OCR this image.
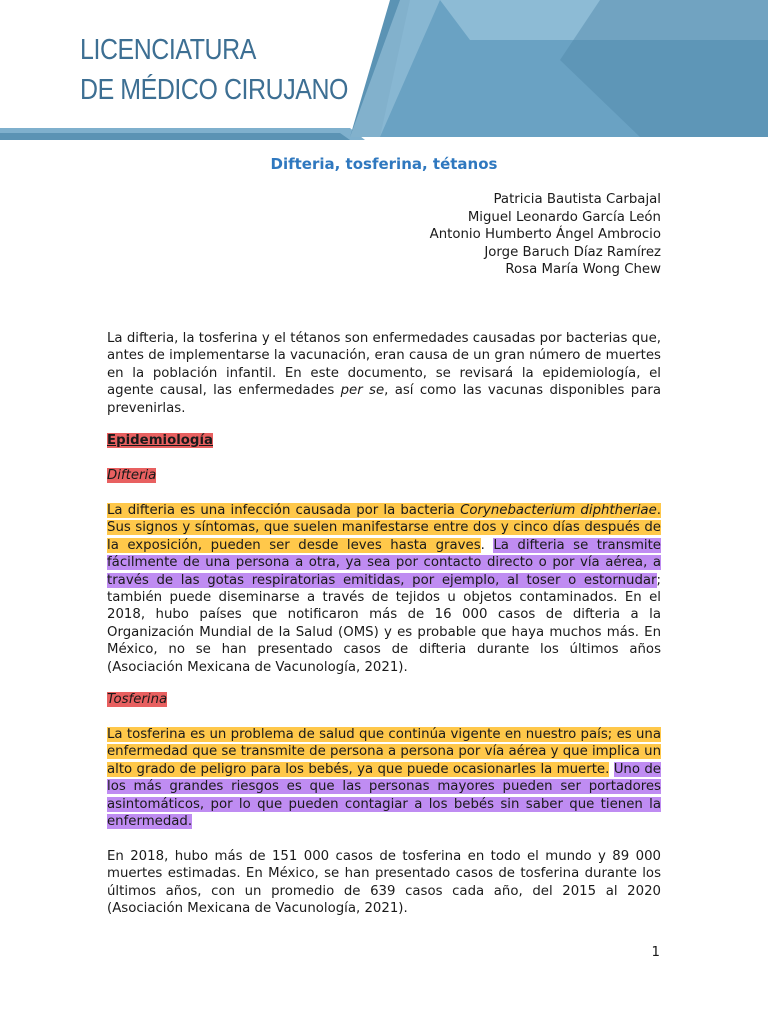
LICENCIATURA
DE MÉDICO CIRUJANO
Difteria, tosferina, tétanos
Patricia Bautista Carbajal
Miguel Leonardo García León
Antonio Humberto Ángel Ambrocio
Jorge Baruch Díaz Ramírez
Rosa María Wong Chew
La difteria, la tosferina y el tétanos son enfermedades causadas por bacterias que, antes de implementarse la vacunación, eran causa de un gran número de muertes en la población infantil. En este documento, se revisará la epidemiología, el agente causal, las enfermedades per se, así como las vacunas disponibles para prevenirlas.
Epidemiología
Difteria
La difteria es una infección causada por la bacteria Corynebacterium diphtheriae. Sus signos y síntomas, que suelen manifestarse entre dos y cinco días después de la exposición, pueden ser desde leves hasta graves. La difteria se transmite fácilmente de una persona a otra, ya sea por contacto directo o por vía aérea, a través de las gotas respiratorias emitidas, por ejemplo, al toser o estornudar; también puede diseminarse a través de tejidos u objetos contaminados. En el 2018, hubo países que notificaron más de 16 000 casos de difteria a la Organización Mundial de la Salud (OMS) y es probable que haya muchos más. En México, no se han presentado casos de difteria durante los últimos años (Asociación Mexicana de Vacunología, 2021).
Tosferina
La tosferina es un problema de salud que continúa vigente en nuestro país; es una enfermedad que se transmite de persona a persona por vía aérea y que implica un alto grado de peligro para los bebés, ya que puede ocasionarles la muerte. Uno de los más grandes riesgos es que las personas mayores pueden ser portadores asintomáticos, por lo que pueden contagiar a los bebés sin saber que tienen la enfermedad.
En 2018, hubo más de 151 000 casos de tosferina en todo el mundo y 89 000 muertes estimadas. En México, se han presentado casos de tosferina durante los últimos años, con un promedio de 639 casos cada año, del 2015 al 2020 (Asociación Mexicana de Vacunología, 2021).
1
